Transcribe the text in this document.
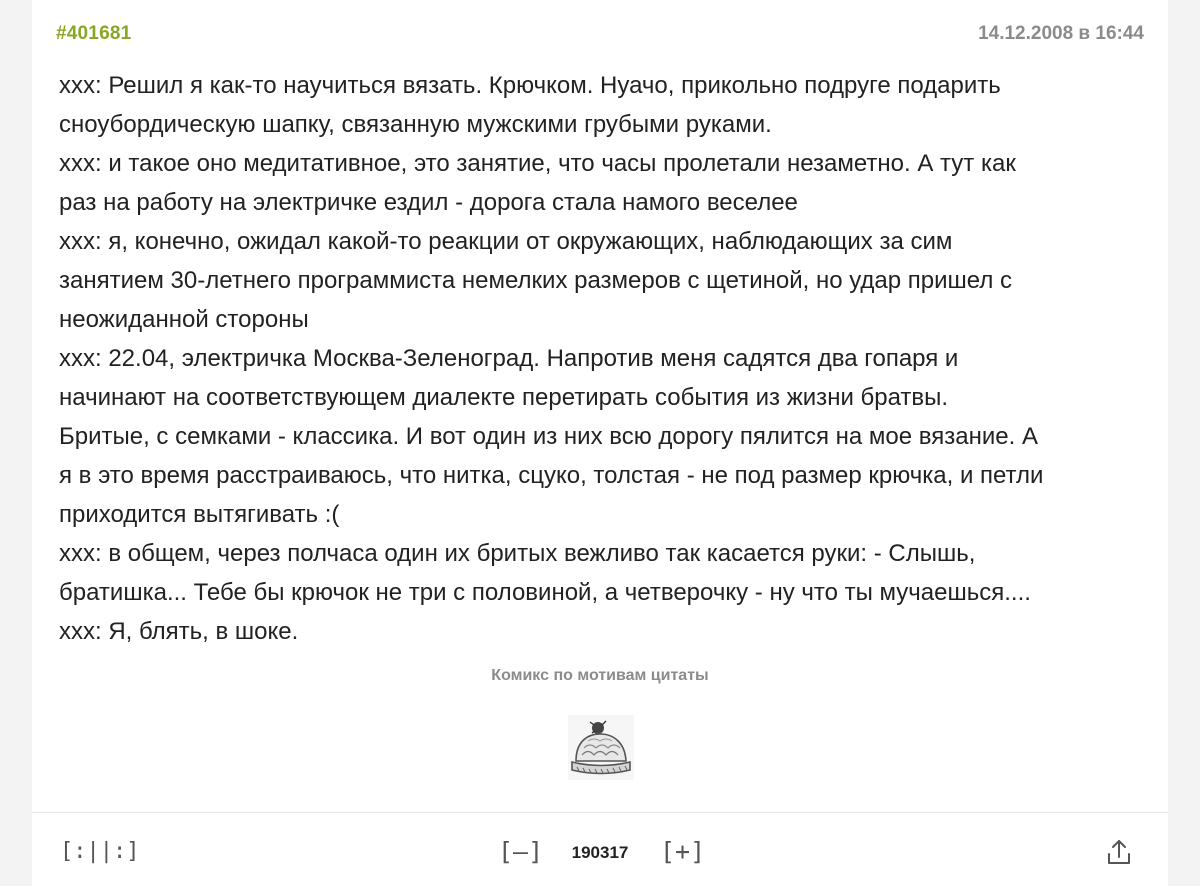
#401681	14.12.2008 в 16:44
xxx: Решил я как-то научиться вязать. Крючком. Нуачо, прикольно подруге подарить
сноубордическую шапку, связанную мужскими грубыми руками.
xxx: и такое оно медитативное, это занятие, что часы пролетали незаметно. А тут как
раз на работу на электричке ездил - дорога стала намого веселее
xxx: я, конечно, ожидал какой-то реакции от окружающих, наблюдающих за сим
занятием 30-летнего программиста немелких размеров с щетиной, но удар пришел с
неожиданной стороны
xxx: 22.04, электричка Москва-Зеленоград. Напротив меня садятся два гопаря и
начинают на соответствующем диалекте перетирать события из жизни братвы.
Бритые, с семками - классика. И вот один из них всю дорогу пялится на мое вязание. А
я в это время расстраиваюсь, что нитка, сцуко, толстая - не под размер крючка, и петли
приходится вытягивать :(
xxx: в общем, через полчаса один их бритых вежливо так касается руки: - Слышь,
братишка... Тебе бы крючок не три с половиной, а четверочку - ну что ты мучаешься....
xxx: Я, блять, в шоке.
Комикс по мотивам цитаты
[:||:]	[–]	190317	[+]
